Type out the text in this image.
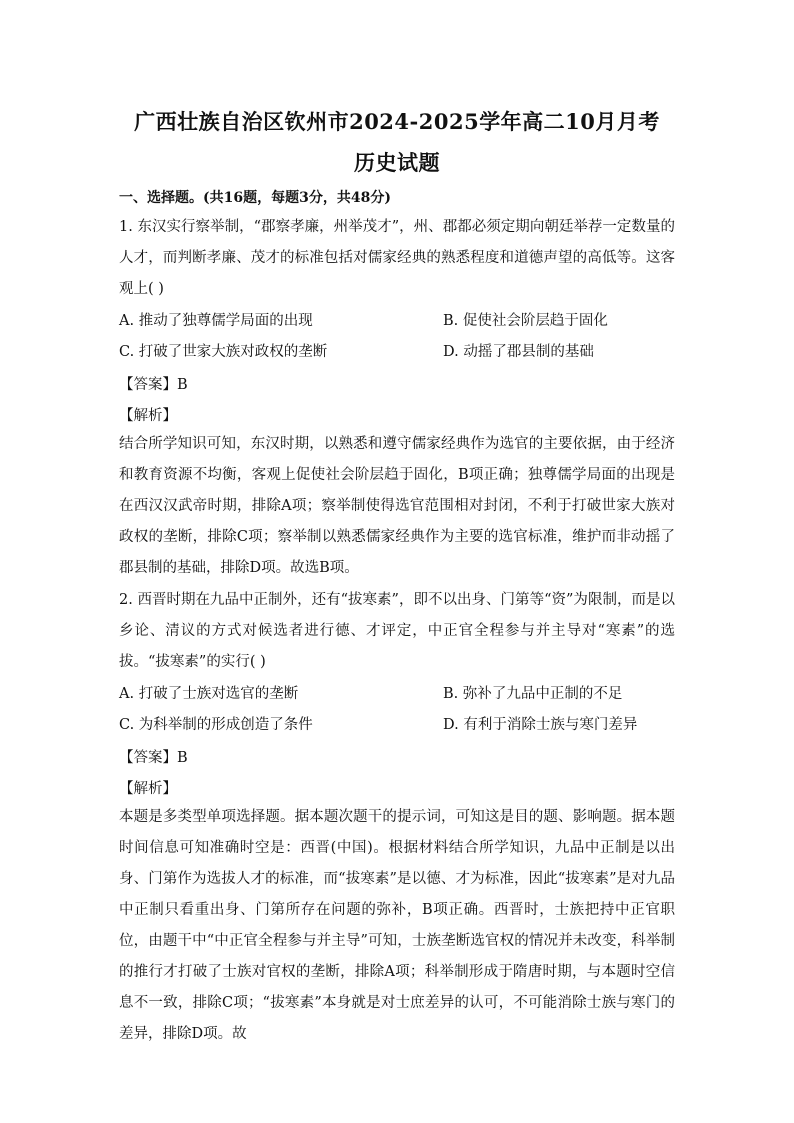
广西壮族自治区钦州市2024-2025学年高二10月月考
历史试题
一、选择题。(共16题，每题3分，共48分)
1. 东汉实行察举制，“郡察孝廉，州举茂才”，州、郡都必须定期向朝廷举荐一定数量的人才，而判断孝廉、茂才的标准包括对儒家经典的熟悉程度和道德声望的高低等。这客观上( )
A. 推动了独尊儒学局面的出现	B. 促使社会阶层趋于固化
C. 打破了世家大族对政权的垄断	D. 动摇了郡县制的基础
【答案】B
【解析】
结合所学知识可知，东汉时期，以熟悉和遵守儒家经典作为选官的主要依据，由于经济和教育资源不均衡，客观上促使社会阶层趋于固化，B项正确；独尊儒学局面的出现是在西汉汉武帝时期，排除A项；察举制使得选官范围相对封闭，不利于打破世家大族对政权的垄断，排除C项；察举制以熟悉儒家经典作为主要的选官标准，维护而非动摇了郡县制的基础，排除D项。故选B项。
2. 西晋时期在九品中正制外，还有“拔寒素”，即不以出身、门第等“资”为限制，而是以乡论、清议的方式对候选者进行德、才评定，中正官全程参与并主导对“寒素”的选拔。“拔寒素”的实行( )
A. 打破了士族对选官的垄断	B. 弥补了九品中正制的不足
C. 为科举制的形成创造了条件	D. 有利于消除士族与寒门差异
【答案】B
【解析】
本题是多类型单项选择题。据本题次题干的提示词，可知这是目的题、影响题。据本题时间信息可知准确时空是：西晋(中国)。根据材料结合所学知识，九品中正制是以出身、门第作为选拔人才的标准，而“拔寒素”是以德、才为标准，因此“拔寒素”是对九品中正制只看重出身、门第所存在问题的弥补，B项正确。西晋时，士族把持中正官职位，由题干中“中正官全程参与并主导”可知，士族垄断选官权的情况并未改变，科举制的推行才打破了士族对官权的垄断，排除A项；科举制形成于隋唐时期，与本题时空信息不一致，排除C项；“拔寒素”本身就是对士庶差异的认可，不可能消除士族与寒门的差异，排除D项。故
